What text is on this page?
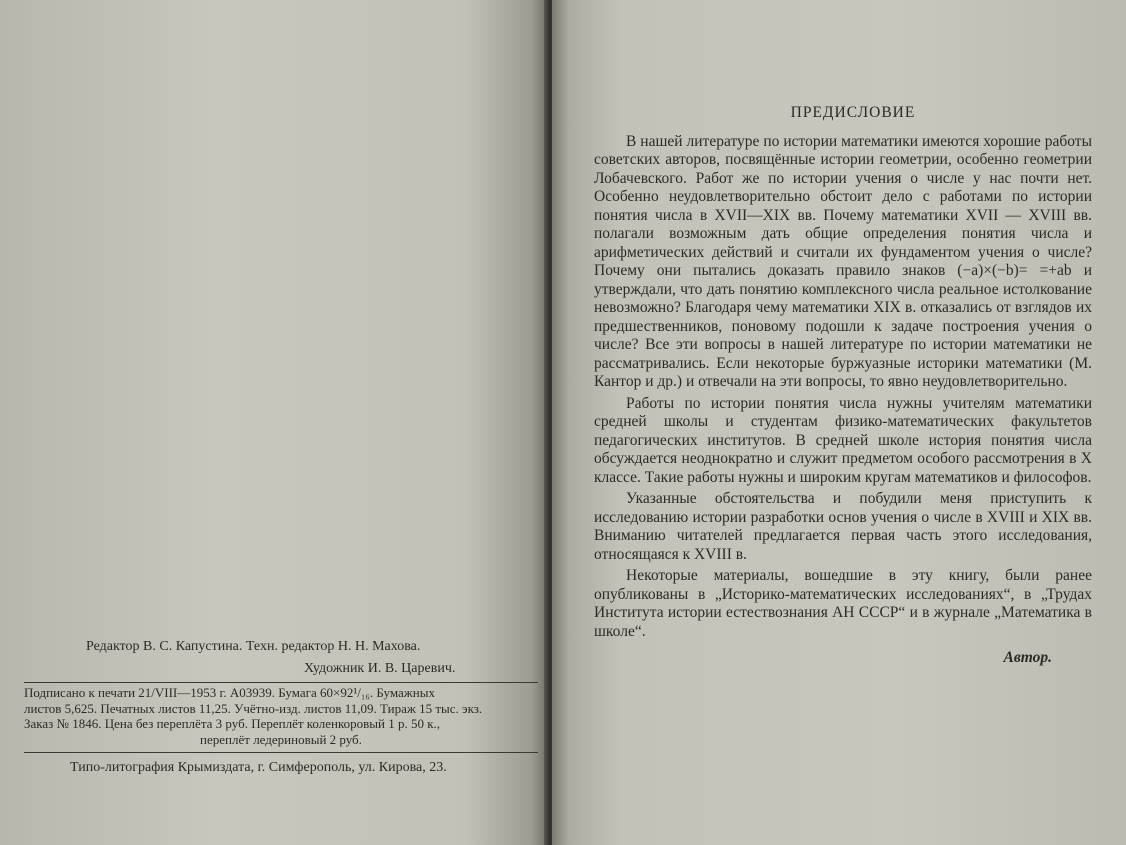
Редактор В. С. Капустина. Техн. редактор Н. Н. Махова.
Художник И. В. Царевич.
Подписано к печати 21/VIII—1953 г. А03939. Бумага 60×92¹/₁₆. Бумажных
листов 5,625. Печатных листов 11,25. Учётно-изд. листов 11,09. Тираж 15 тыс. экз.
Заказ № 1846. Цена без переплёта 3 руб. Переплёт коленкоровый 1 р. 50 к.,
переплёт ледериновый 2 руб.
Типо-литография Крымиздата, г. Симферополь, ул. Кирова, 23.
ПРЕДИСЛОВИЕ

В нашей литературе по истории математики имеются хорошие работы советских авторов, посвящённые истории геометрии, особенно геометрии Лобачевского. Работ же по истории учения о числе у нас почти нет. Особенно неудовлетворительно обстоит дело с работами по истории понятия числа в XVII—XIX вв. Почему математики XVII — XVIII вв. полагали возможным дать общие определения понятия числа и арифметических действий и считали их фундаментом учения о числе? Почему они пытались доказать правило знаков (−a)×(−b)= =+ab и утверждали, что дать понятию комплексного числа реальное истолкование невозможно? Благодаря чему математики XIX в. отказались от взглядов их предшественников, поновому подошли к задаче построения учения о числе? Все эти вопросы в нашей литературе по истории математики не рассматривались. Если некоторые буржуазные историки математики (М. Кантор и др.) и отвечали на эти вопросы, то явно неудовлетворительно.

Работы по истории понятия числа нужны учителям математики средней школы и студентам физико-математических факультетов педагогических институтов. В средней школе история понятия числа обсуждается неоднократно и служит предметом особого рассмотрения в X классе. Такие работы нужны и широким кругам математиков и философов.

Указанные обстоятельства и побудили меня приступить к исследованию истории разработки основ учения о числе в XVIII и XIX вв. Вниманию читателей предлагается первая часть этого исследования, относящаяся к XVIII в.

Некоторые материалы, вошедшие в эту книгу, были ранее опубликованы в „Историко-математических исследованиях“, в „Трудах Института истории естествознания АН СССР“ и в журнале „Математика в школе“.

Автор.
